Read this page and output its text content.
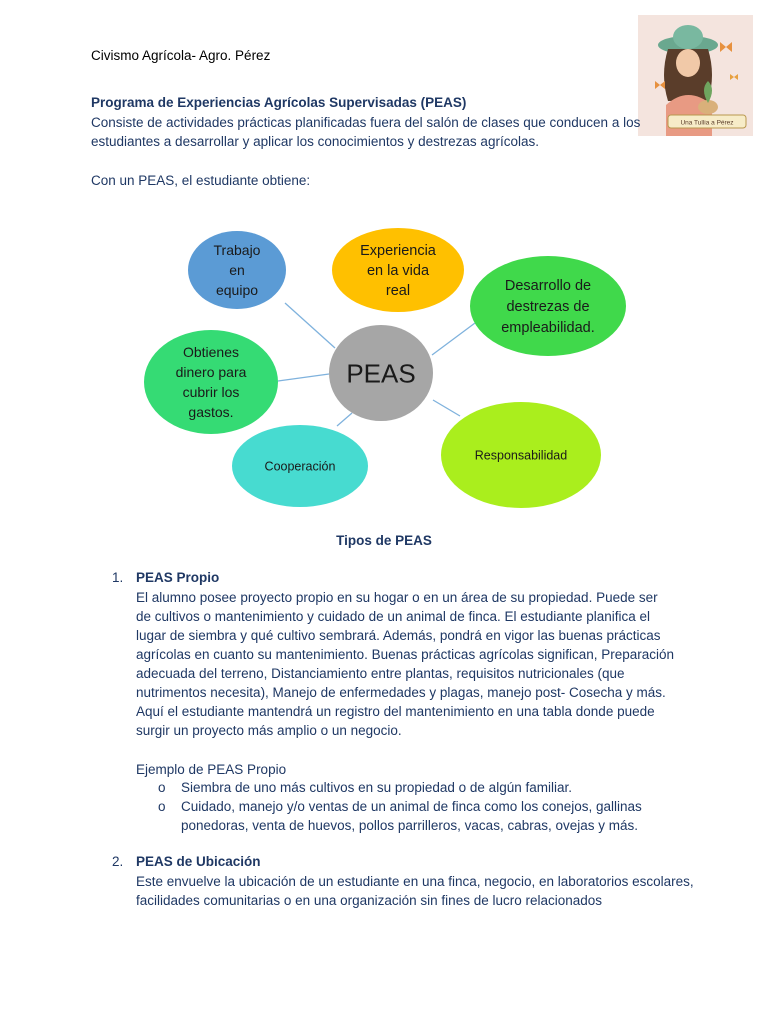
Civismo Agrícola- Agro. Pérez
Una Tullia a Pérez
Programa de Experiencias Agrícolas Supervisadas (PEAS)
Consiste de actividades prácticas planificadas fuera del salón de clases que conducen a los estudiantes a desarrollar y aplicar los conocimientos y destrezas agrícolas.
Con un PEAS, el estudiante obtiene:
Trabajo
en
equipo
Experiencia
en la vida
real	Desarrollo de
destrezas de
empleabilidad.
Responsabilidad
Cooperación
Obtienes
dinero para
cubrir los
gastos.
PEAS
Tipos de PEAS
1. PEAS Propio
El alumno posee proyecto propio en su hogar o en un área de su propiedad. Puede ser de cultivos o mantenimiento y cuidado de un animal de finca. El estudiante planifica el lugar de siembra y qué cultivo sembrará. Además, pondrá en vigor las buenas prácticas agrícolas en cuanto su mantenimiento. Buenas prácticas agrícolas significan, Preparación adecuada del terreno, Distanciamiento entre plantas, requisitos nutricionales (que nutrimentos necesita), Manejo de enfermedades y plagas, manejo post- Cosecha y más. Aquí el estudiante mantendrá un registro del mantenimiento en una tabla donde puede surgir un proyecto más amplio o un negocio.
Ejemplo de PEAS Propio
o Siembra de uno más cultivos en su propiedad o de algún familiar.
o Cuidado, manejo y/o ventas de un animal de finca como los conejos, gallinas ponedoras, venta de huevos, pollos parrilleros, vacas, cabras, ovejas y más.
2. PEAS de Ubicación
Este envuelve la ubicación de un estudiante en una finca, negocio, en laboratorios escolares, facilidades comunitarias o en una organización sin fines de lucro relacionados
